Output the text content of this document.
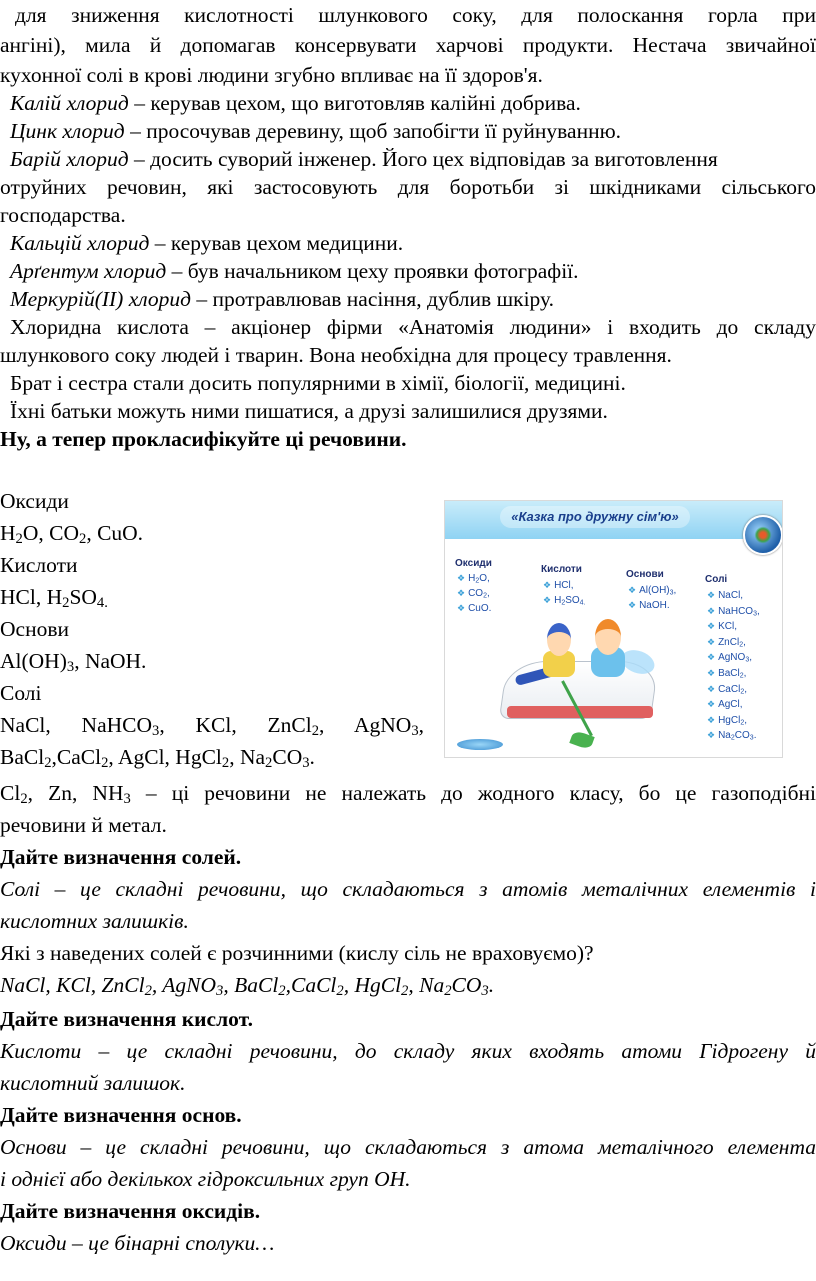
для зниження кислотності шлункового соку, для полоскання горла при
ангіні), мила й допомагав консервувати харчові продукти. Нестача звичайної
кухонної солі в крові людини згубно впливає на її здоров'я.
Калій хлорид – керував цехом, що виготовляв калійні добрива.
Цинк хлорид – просочував деревину, щоб запобігти її руйнуванню.
Барій хлорид – досить суворий інженер. Його цех відповідав за виготовлення
отруйних речовин, які застосовують для боротьби зі шкідниками сільського
господарства.
Кальцій хлорид – керував цехом медицини.
Арґентум хлорид – був начальником цеху проявки фотографії.
Меркурій(II) хлорид – протравлював насіння, дублив шкіру.
Хлоридна кислота – акціонер фірми «Анатомія людини» і входить до складу
шлункового соку людей і тварин. Вона необхідна для процесу травлення.
Брат і сестра стали досить популярними в хімії, біології, медицині.
Їхні батьки можуть ними пишатися, а друзі залишилися друзями.
Ну, а тепер прокласифікуйте ці речовини.
Оксиди
$H_2O$, $CO_2$, CuO.
Кислоти
HCl, $H_2SO_{4.}$
Основи
$Al(OH)_3$, NaOH.
Солі
NaCl, NaHCO$_3$, KCl, ZnCl$_2$, AgNO$_3$,
BaCl$_2$,CaCl$_2$, AgCl, HgCl$_2$, $Na_2CO_3$.
$Cl_2$, Zn, $NH_3$ – ці речовини не належать до жодного класу, бо це газоподібні
речовини й метал.
Дайте визначення солей.
Солі – це складні речовини, що складаються з атомів металічних елементів і
кислотних залишків.
Які з наведених солей є розчинними (кислу сіль не враховуємо)?
NaCl, KCl, ZnCl$_2$, AgNO$_3$, BaCl$_2$,CaCl$_2$, HgCl$_2$, $Na_2CO_3$.
Дайте визначення кислот.
Кислоти – це складні речовини, до складу яких входять атоми Гідрогену й
кислотний залишок.
Дайте визначення основ.
Основи – це складні речовини, що складаються з атома металічного елемента
і однієї або декількох гідроксильних груп ОН.
Дайте визначення оксидів.
Оксиди – це бінарні сполуки…
«Казка про дружну сім'ю»
Оксиди
Кислоти	Основи	Солі
❖ $H_2O$,
❖ $CO_2$,
❖ CuO.
❖ HCl,
❖ $H_2SO_{4.}$
❖ $Al(OH)_3$,
❖ NaOH.
❖ NaCl,
❖ NaHCO$_3$,
❖ KCl,
❖ ZnCl$_2$,
❖ AgNO$_3$,
❖ BaCl$_2$,
❖ CaCl$_2$,
❖ AgCl,
❖ HgCl$_2$,
❖ $Na_2CO_3$.
